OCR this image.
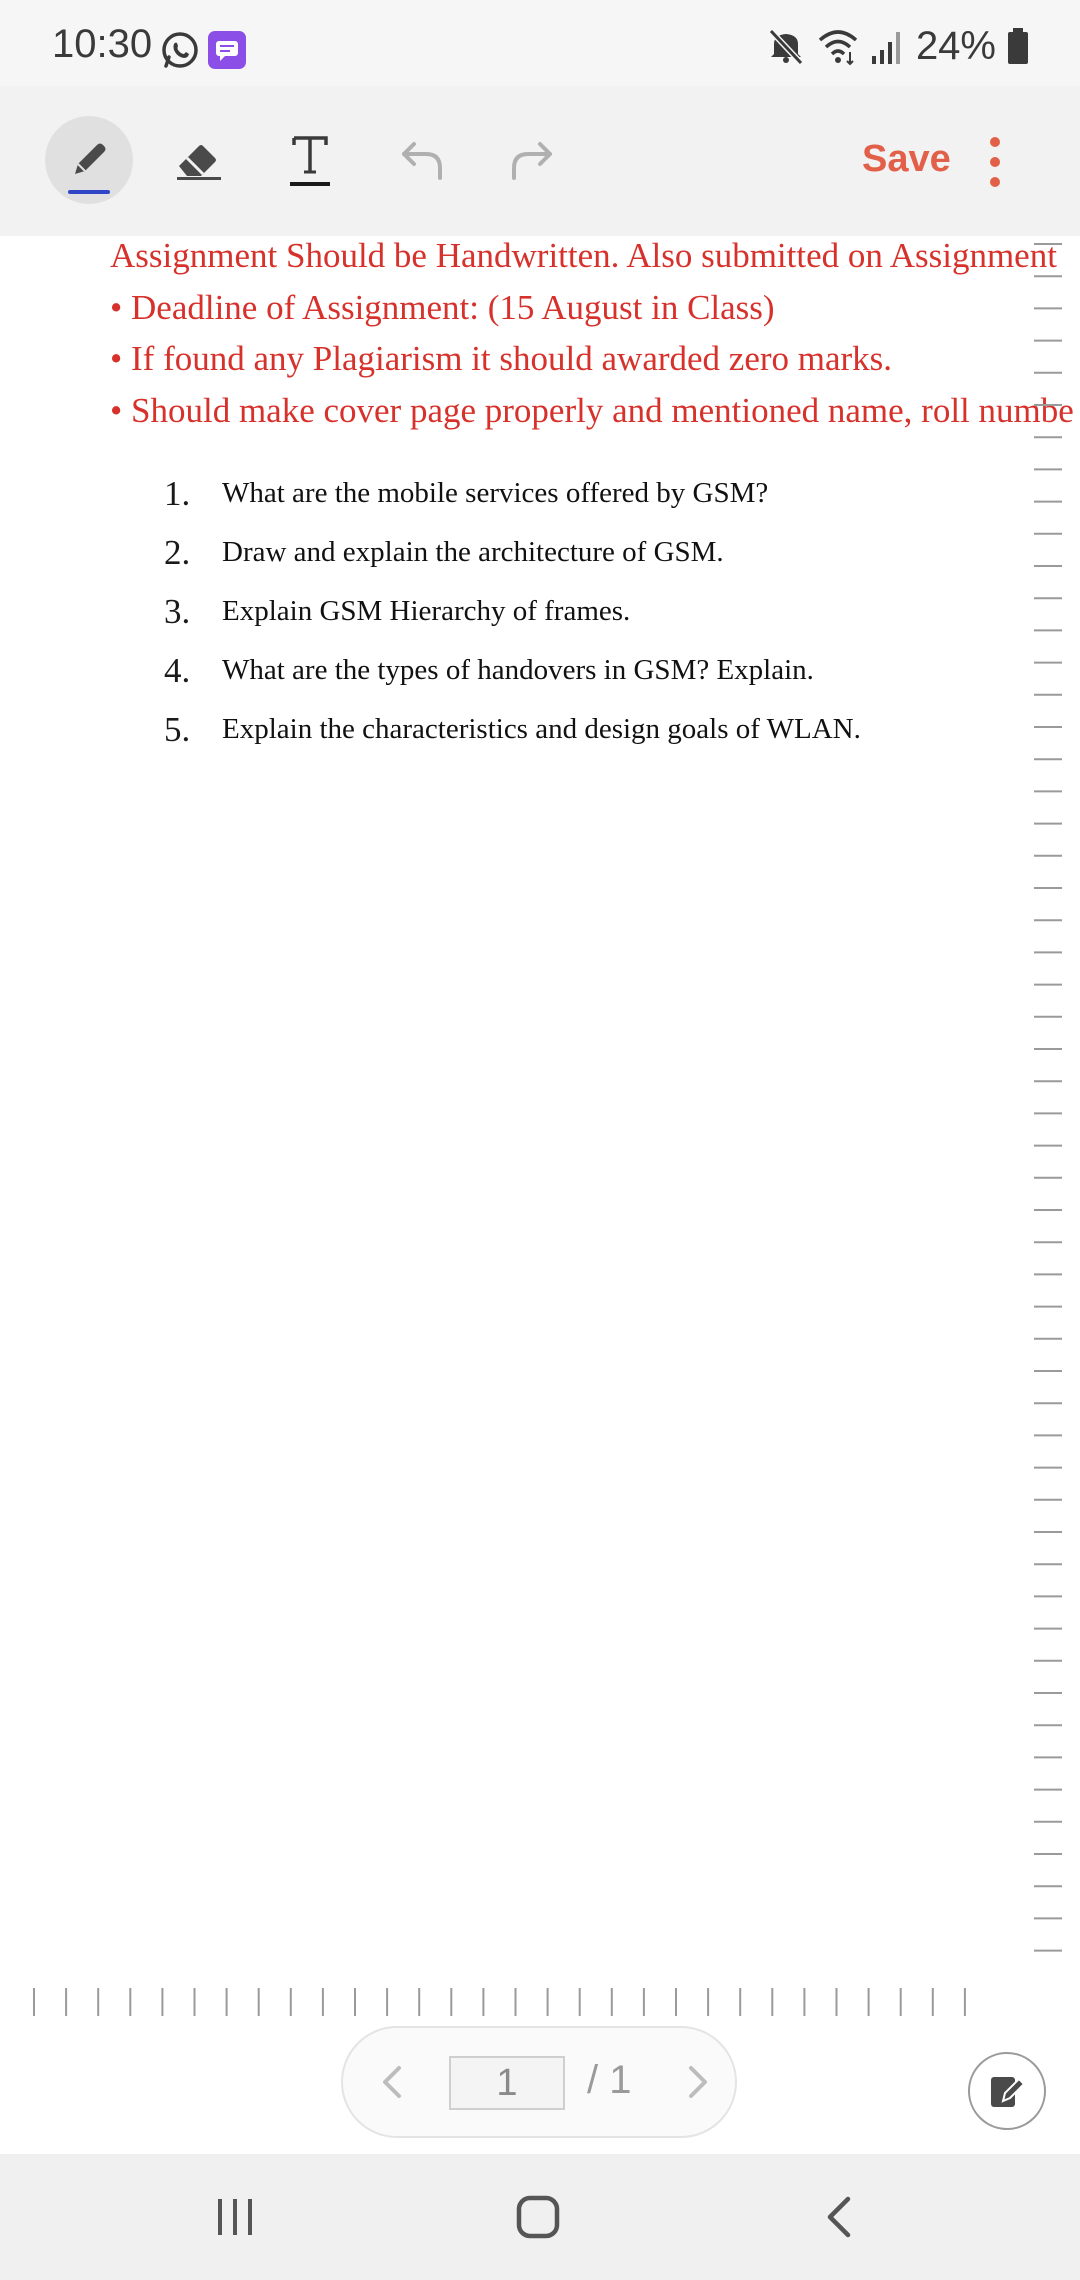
10:30	24%
Save
Assignment Should be Handwritten. Also submitted on Assignment
• Deadline of Assignment: (15 August in Class)
• If found any Plagiarism it should awarded zero marks.
• Should make cover page properly and mentioned name, roll numbe
1.	What are the mobile services offered by GSM?
2.	Draw and explain the architecture of GSM.
3.	Explain GSM Hierarchy of frames.
4.	What are the types of handovers in GSM? Explain.
5.	Explain the characteristics and design goals of WLAN.
1	/ 1
